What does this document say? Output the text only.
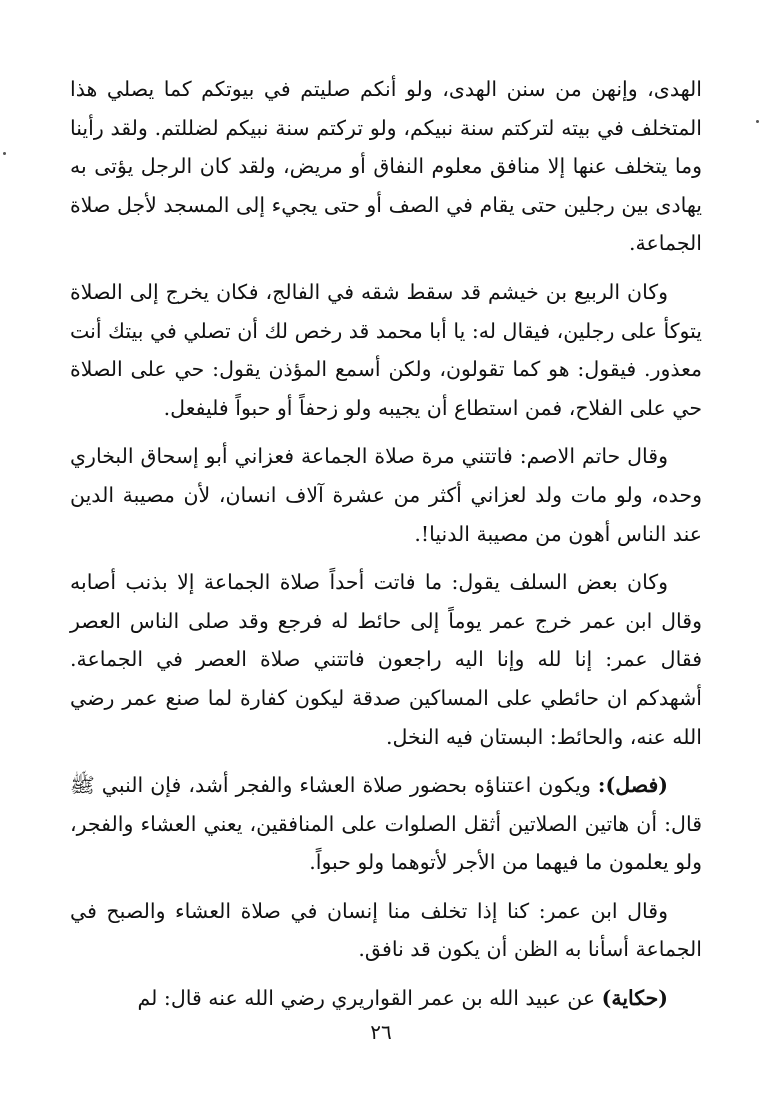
الهدى، وإنهن من سنن الهدى، ولو أنكم صليتم في بيوتكم كما يصلي هذا المتخلف في بيته لتركتم سنة نبيكم، ولو تركتم سنة نبيكم لضللتم. ولقد رأينا وما يتخلف عنها إلا منافق معلوم النفاق أو مريض، ولقد كان الرجل يؤتى به يهادى بين رجلين حتى يقام في الصف أو حتى يجيء إلى المسجد لأجل صلاة الجماعة.

وكان الربيع بن خيشم قد سقط شقه في الفالج، فكان يخرج إلى الصلاة يتوكأ على رجلين، فيقال له: يا أبا محمد قد رخص لك أن تصلي في بيتك أنت معذور. فيقول: هو كما تقولون، ولكن أسمع المؤذن يقول: حي على الصلاة حي على الفلاح، فمن استطاع أن يجيبه ولو زحفاً أو حبواً فليفعل.

وقال حاتم الاصم: فاتتني مرة صلاة الجماعة فعزاني أبو إسحاق البخاري وحده، ولو مات ولد لعزاني أكثر من عشرة آلاف انسان، لأن مصيبة الدين عند الناس أهون من مصيبة الدنيا!.

وكان بعض السلف يقول: ما فاتت أحداً صلاة الجماعة إلا بذنب أصابه وقال ابن عمر خرج عمر يوماً إلى حائط له فرجع وقد صلى الناس العصر فقال عمر: إنا لله وإنا اليه راجعون فاتتني صلاة العصر في الجماعة. أشهدكم ان حائطي على المساكين صدقة ليكون كفارة لما صنع عمر رضي الله عنه، والحائط: البستان فيه النخل.

(فصل): ويكون اعتناؤه بحضور صلاة العشاء والفجر أشد، فإن النبي ﷺ قال: أن هاتين الصلاتين أثقل الصلوات على المنافقين، يعني العشاء والفجر، ولو يعلمون ما فيهما من الأجر لأتوهما ولو حبواً.

وقال ابن عمر: كنا إذا تخلف منا إنسان في صلاة العشاء والصبح في الجماعة أسأنا به الظن أن يكون قد نافق.

(حكاية) عن عبيد الله بن عمر القواريري رضي الله عنه قال: لم

٢٦
